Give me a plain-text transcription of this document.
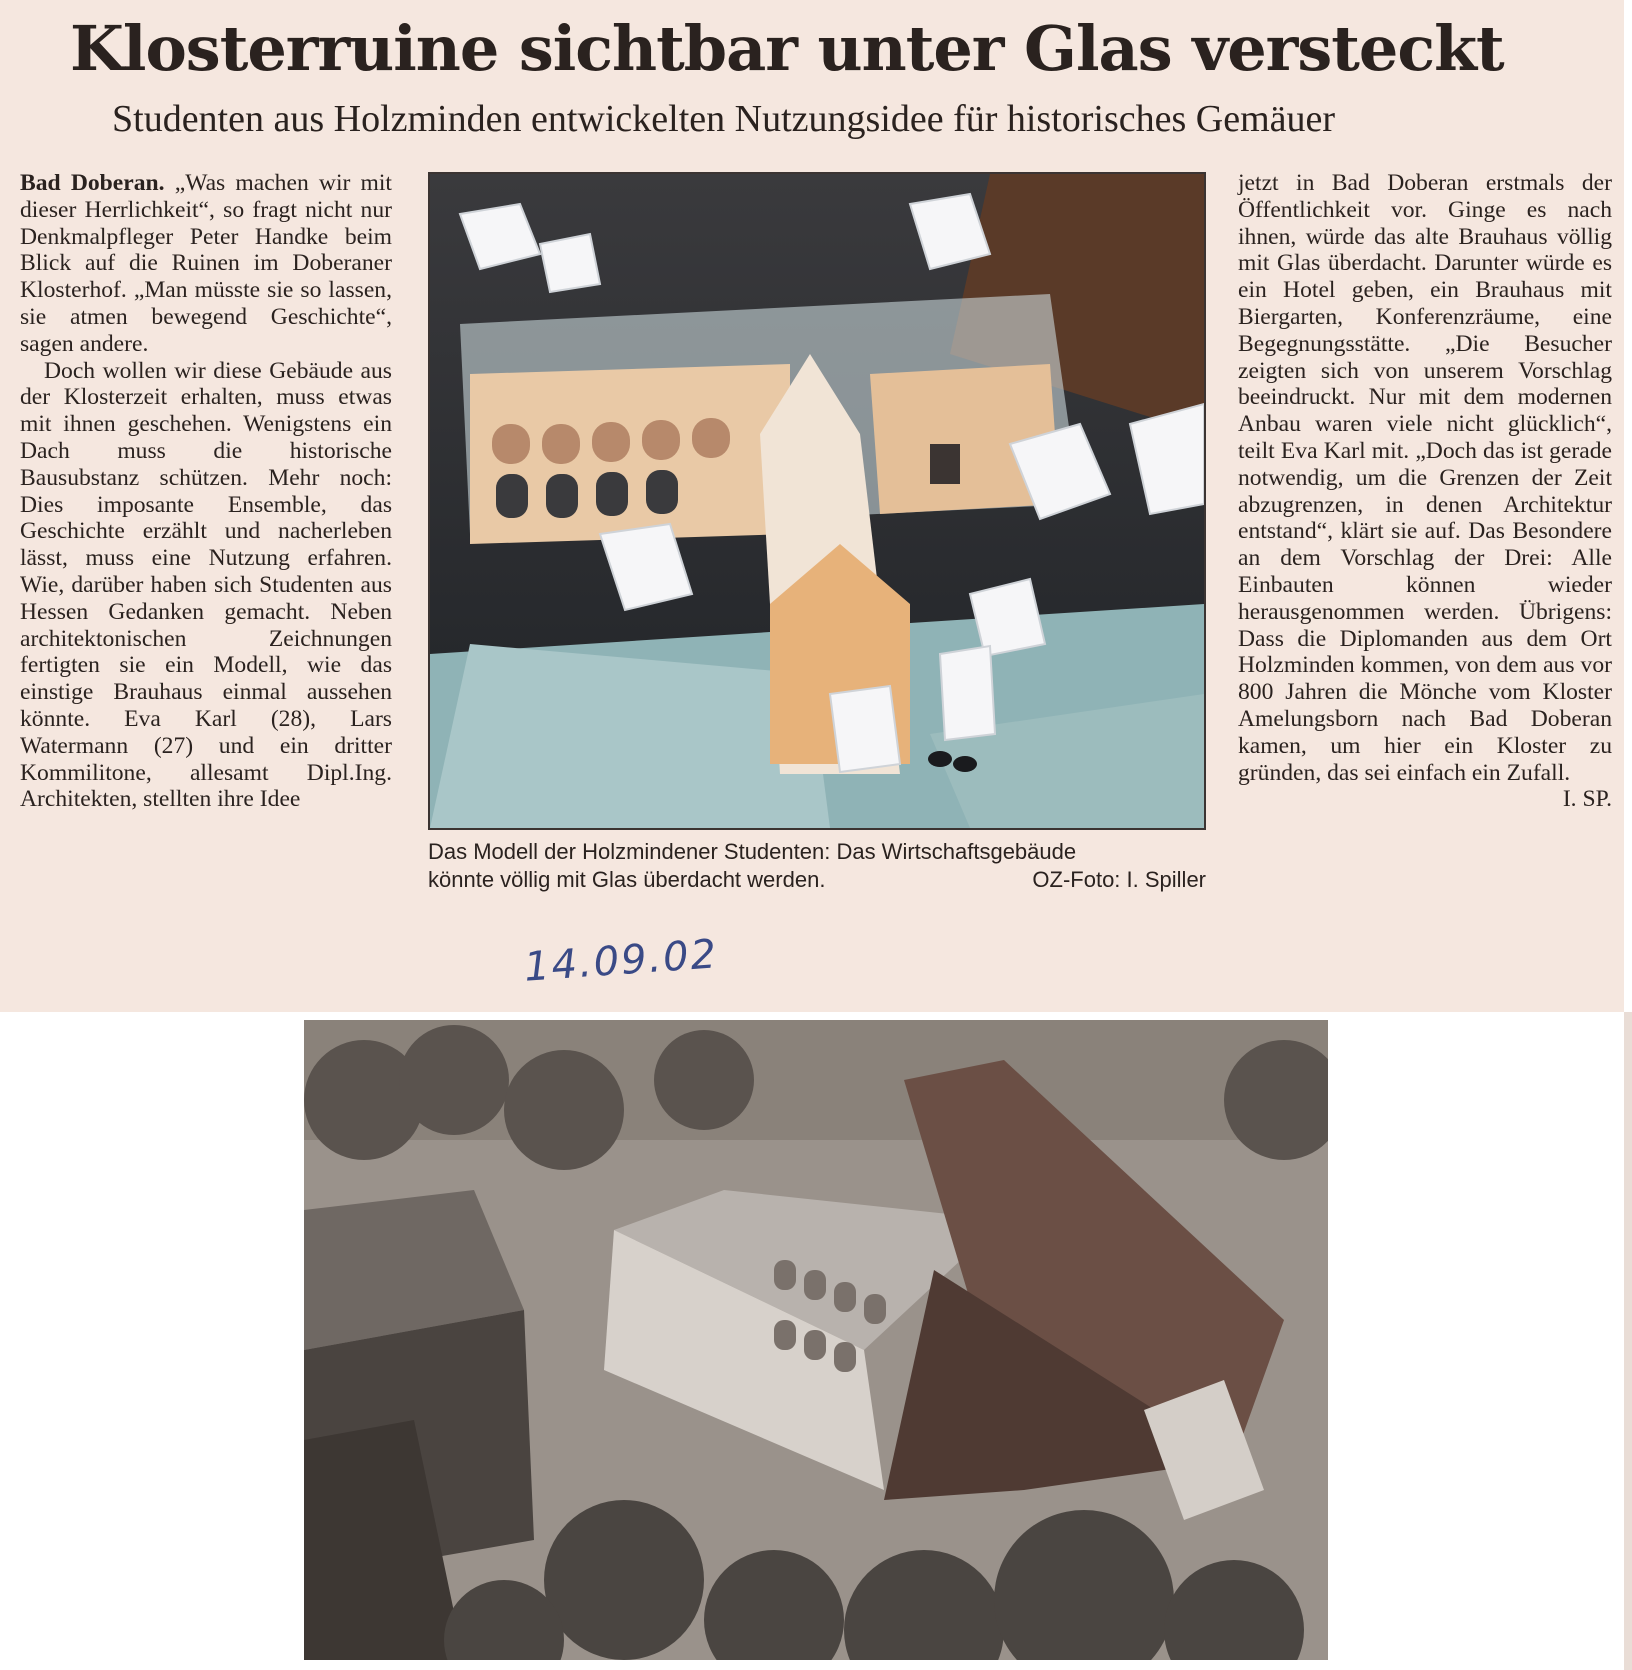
Klosterruine sichtbar unter Glas versteckt
Studenten aus Holzminden entwickelten Nutzungsidee für historisches Gemäuer

Bad Doberan. „Was machen wir mit dieser Herrlichkeit“, so fragt nicht nur Denkmalpfleger Peter Handke beim Blick auf die Ruinen im Doberaner Klosterhof. „Man müsste sie so lassen, sie atmen bewegend Geschichte“, sagen andere.

Doch wollen wir diese Gebäude aus der Klosterzeit erhalten, muss etwas mit ihnen geschehen. Wenigstens ein Dach muss die historische Bausubstanz schützen. Mehr noch: Dies imposante Ensemble, das Geschichte erzählt und nacherleben lässt, muss eine Nutzung erfahren. Wie, darüber haben sich Studenten aus Hessen Gedanken gemacht. Neben architektonischen Zeichnungen fertigten sie ein Modell, wie das einstige Brauhaus einmal aussehen könnte. Eva Karl (28), Lars Watermann (27) und ein dritter Kommilitone, allesamt Dipl.Ing. Architekten, stellten ihre Idee

Das Modell der Holzmindener Studenten: Das Wirtschaftsgebäude
könnte völlig mit Glas überdacht werden.	OZ-Foto: I. Spiller

jetzt in Bad Doberan erstmals der Öffentlichkeit vor. Ginge es nach ihnen, würde das alte Brauhaus völlig mit Glas überdacht. Darunter würde es ein Hotel geben, ein Brauhaus mit Biergarten, Konferenzräume, eine Begegnungsstätte. „Die Besucher zeigten sich von unserem Vorschlag beeindruckt. Nur mit dem modernen Anbau waren viele nicht glücklich“, teilt Eva Karl mit. „Doch das ist gerade notwendig, um die Grenzen der Zeit abzugrenzen, in denen Architektur entstand“, klärt sie auf. Das Besondere an dem Vorschlag der Drei: Alle Einbauten können wieder herausgenommen werden. Übrigens: Dass die Diplomanden aus dem Ort Holzminden kommen, von dem aus vor 800 Jahren die Mönche vom Kloster Amelungsborn nach Bad Doberan kamen, um hier ein Kloster zu gründen, das sei einfach ein Zufall.
I. SP.

14.09.02
